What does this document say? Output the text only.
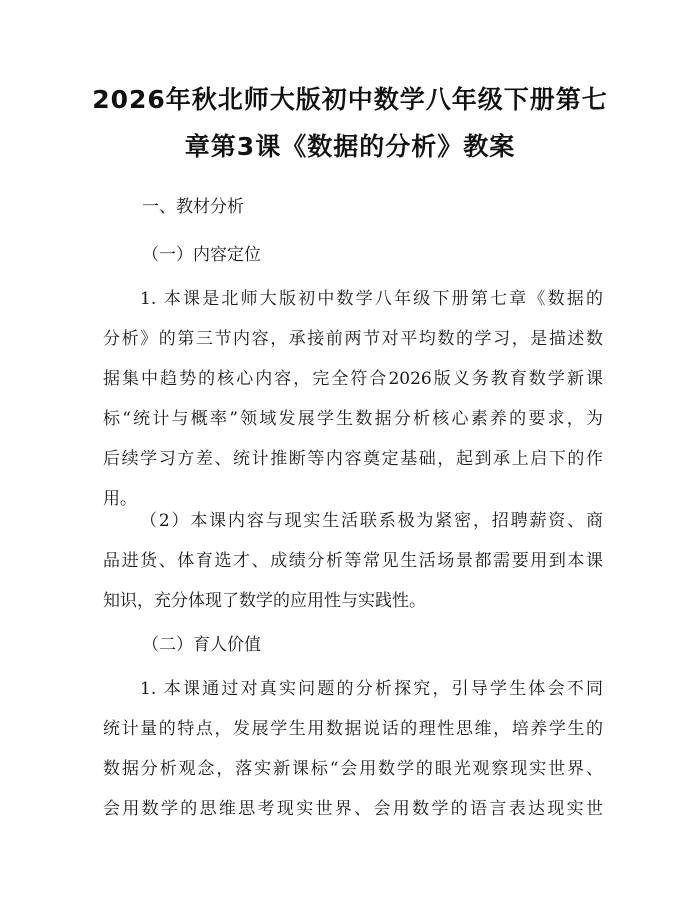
2026年秋北师大版初中数学八年级下册第七
章第3课《数据的分析》教案

一、教材分析

（一）内容定位

1. 本课是北师大版初中数学八年级下册第七章《数据的
分析》的第三节内容，承接前两节对平均数的学习，是描述数
据集中趋势的核心内容，完全符合2026版义务教育数学新课
标“统计与概率”领域发展学生数据分析核心素养的要求，为
后续学习方差、统计推断等内容奠定基础，起到承上启下的作
用。
（2）本课内容与现实生活联系极为紧密，招聘薪资、商
品进货、体育选才、成绩分析等常见生活场景都需要用到本课
知识，充分体现了数学的应用性与实践性。

（二）育人价值

1. 本课通过对真实问题的分析探究，引导学生体会不同
统计量的特点，发展学生用数据说话的理性思维，培养学生的
数据分析观念，落实新课标“会用数学的眼光观察现实世界、
会用数学的思维思考现实世界、会用数学的语言表达现实世
